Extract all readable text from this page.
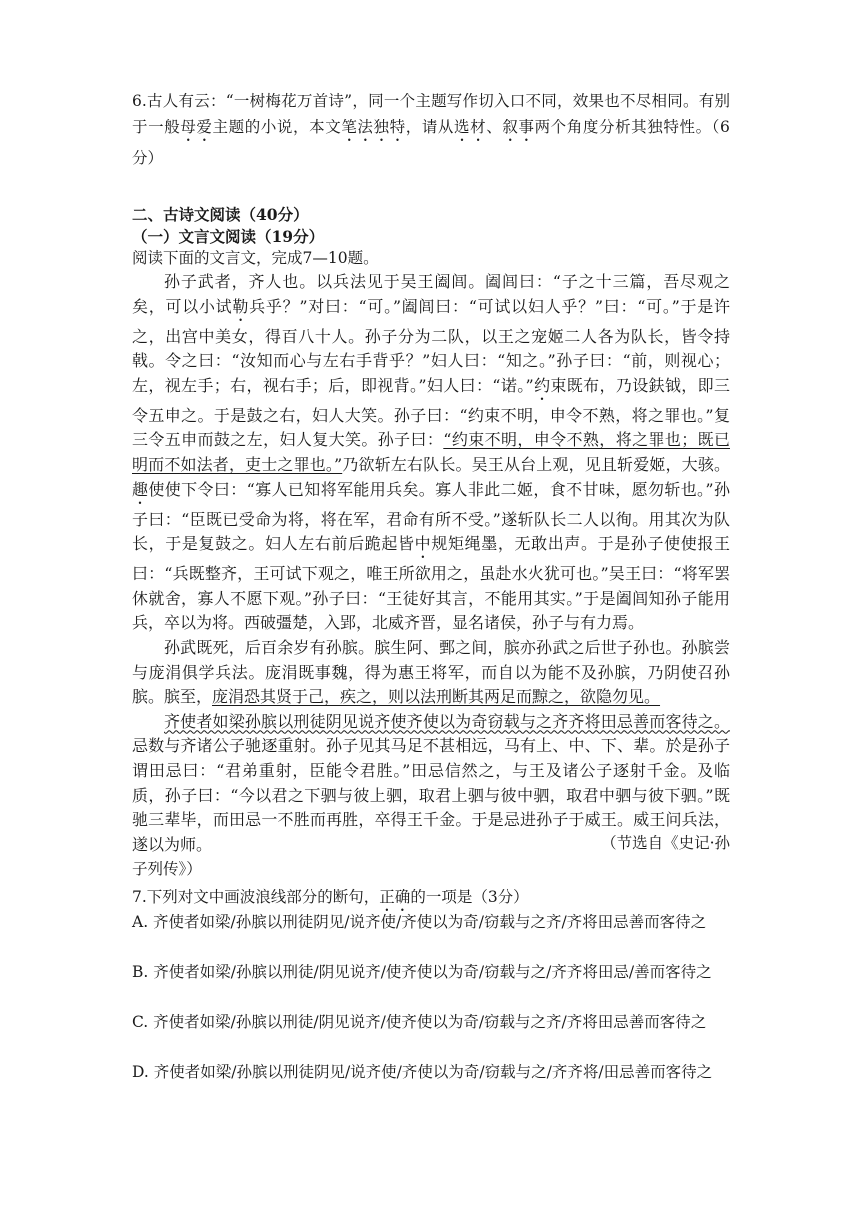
6.古人有云：“一树梅花万首诗”，同一个主题写作切入口不同，效果也不尽相同。有别于一般母爱主题的小说，本文笔法独特，请从选材、叙事两个角度分析其独特性。（6分）
二、古诗文阅读（40分）
（一）文言文阅读（19分）
阅读下面的文言文，完成7—10题。

孙子武者，齐人也。以兵法见于吴王阖闾。阖闾曰：“子之十三篇，吾尽观之矣，可以小试勒兵乎？”对曰：“可。”阖闾曰：“可试以妇人乎？”曰：“可。”于是许之，出宫中美女，得百八十人。孙子分为二队，以王之宠姬二人各为队长，皆令持戟。令之曰：“汝知而心与左右手背乎？”妇人曰：“知之。”孙子曰：“前，则视心；左，视左手；右，视右手；后，即视背。”妇人曰：“诺。”约束既布，乃设鈇钺，即三令五申之。于是鼓之右，妇人大笑。孙子曰：“约束不明，申令不熟，将之罪也。”复三令五申而鼓之左，妇人复大笑。孙子曰：“约束不明，申令不熟，将之罪也；既已明而不如法者，吏士之罪也。”乃欲斩左右队长。吴王从台上观，见且斩爱姬，大骇。趣使使下令曰：“寡人已知将军能用兵矣。寡人非此二姬，食不甘味，愿勿斩也。”孙子曰：“臣既已受命为将，将在军，君命有所不受。”遂斩队长二人以徇。用其次为队长，于是复鼓之。妇人左右前后跪起皆中规矩绳墨，无敢出声。于是孙子使使报王曰：“兵既整齐，王可试下观之，唯王所欲用之，虽赴水火犹可也。”吴王曰：“将军罢休就舍，寡人不愿下观。”孙子曰：“王徒好其言，不能用其实。”于是阖闾知孙子能用兵，卒以为将。西破彊楚，入郢，北威齐晋，显名诸侯，孙子与有力焉。

孙武既死，后百余岁有孙膑。膑生阿、鄄之间，膑亦孙武之后世子孙也。孙膑尝与庞涓俱学兵法。庞涓既事魏，得为惠王将军，而自以为能不及孙膑，乃阴使召孙膑。膑至，庞涓恐其贤于己，疾之，则以法刑断其两足而黥之，欲隐勿见。

齐使者如梁孙膑以刑徒阴见说齐使齐使以为奇窃载与之齐齐将田忌善而客待之。忌数与齐诸公子驰逐重射。孙子见其马足不甚相远，马有上、中、下、辈。於是孙子谓田忌曰：“君弟重射，臣能令君胜。”田忌信然之，与王及诸公子逐射千金。及临质，孙子曰：“今以君之下驷与彼上驷，取君上驷与彼中驷，取君中驷与彼下驷。”既驰三辈毕，而田忌一不胜而再胜，卒得王千金。于是忌进孙子于威王。威王问兵法，遂以为师。	（节选自《史记·孙
子列传》）
7.下列对文中画波浪线部分的断句，正确的一项是（3分）
A. 齐使者如梁/孙膑以刑徒阴见/说齐使/齐使以为奇/窃载与之齐/齐将田忌善而客待之
B. 齐使者如梁/孙膑以刑徒/阴见说齐/使齐使以为奇/窃载与之/齐齐将田忌/善而客待之
C. 齐使者如梁/孙膑以刑徒/阴见说齐/使齐使以为奇/窃载与之齐/齐将田忌善而客待之
D. 齐使者如梁/孙膑以刑徒阴见/说齐使/齐使以为奇/窃载与之/齐齐将/田忌善而客待之
